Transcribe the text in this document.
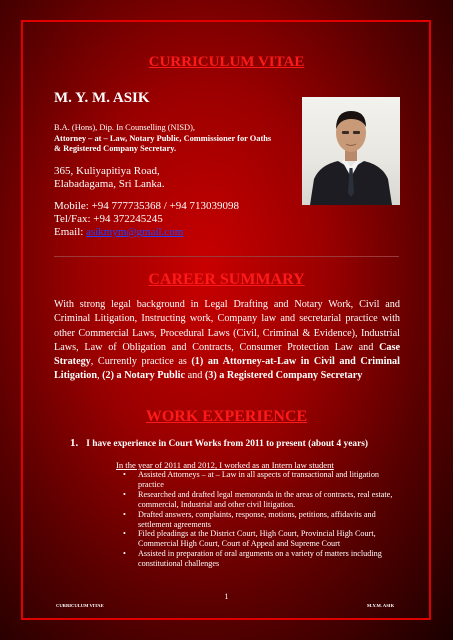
CURRICULUM VITAE
M. Y. M. ASIK
B.A. (Hons), Dip. In Counselling (NISD),
Attorney – at – Law, Notary Public, Commissioner for Oaths
& Registered Company Secretary.
365, Kuliyapitiya Road,
Elabadagama, Sri Lanka.
Mobile: +94 777735368 / +94 713039098
Tel/Fax: +94 372245245
Email: asikmym@gmail.com
CAREER SUMMARY
With strong legal background in Legal Drafting and Notary Work, Civil and Criminal Litigation, Instructing work, Company law and secretarial practice with other Commercial Laws, Procedural Laws (Civil, Criminal & Evidence), Industrial Laws, Law of Obligation and Contracts, Consumer Protection Law and Case Strategy, Currently practice as (1) an Attorney-at-Law in Civil and Criminal Litigation, (2) a Notary Public and (3) a Registered Company Secretary
WORK EXPERIENCE
1. I have experience in Court Works from 2011 to present (about 4 years)
In the year of 2011 and 2012, I worked as an Intern law student
• Assisted Attorneys – at – Law in all aspects of transactional and litigation practice
• Researched and drafted legal memoranda in the areas of contracts, real estate, commercial, Industrial and other civil litigation.
• Drafted answers, complaints, response, motions, petitions, affidavits and settlement agreements
• Filed pleadings at the District Court, High Court, Provincial High Court, Commercial High Court, Court of Appeal and Supreme Court
• Assisted in preparation of oral arguments on a variety of matters including constitutional challenges
1
CURRICULUM VITAE	M.Y.M. ASIK
